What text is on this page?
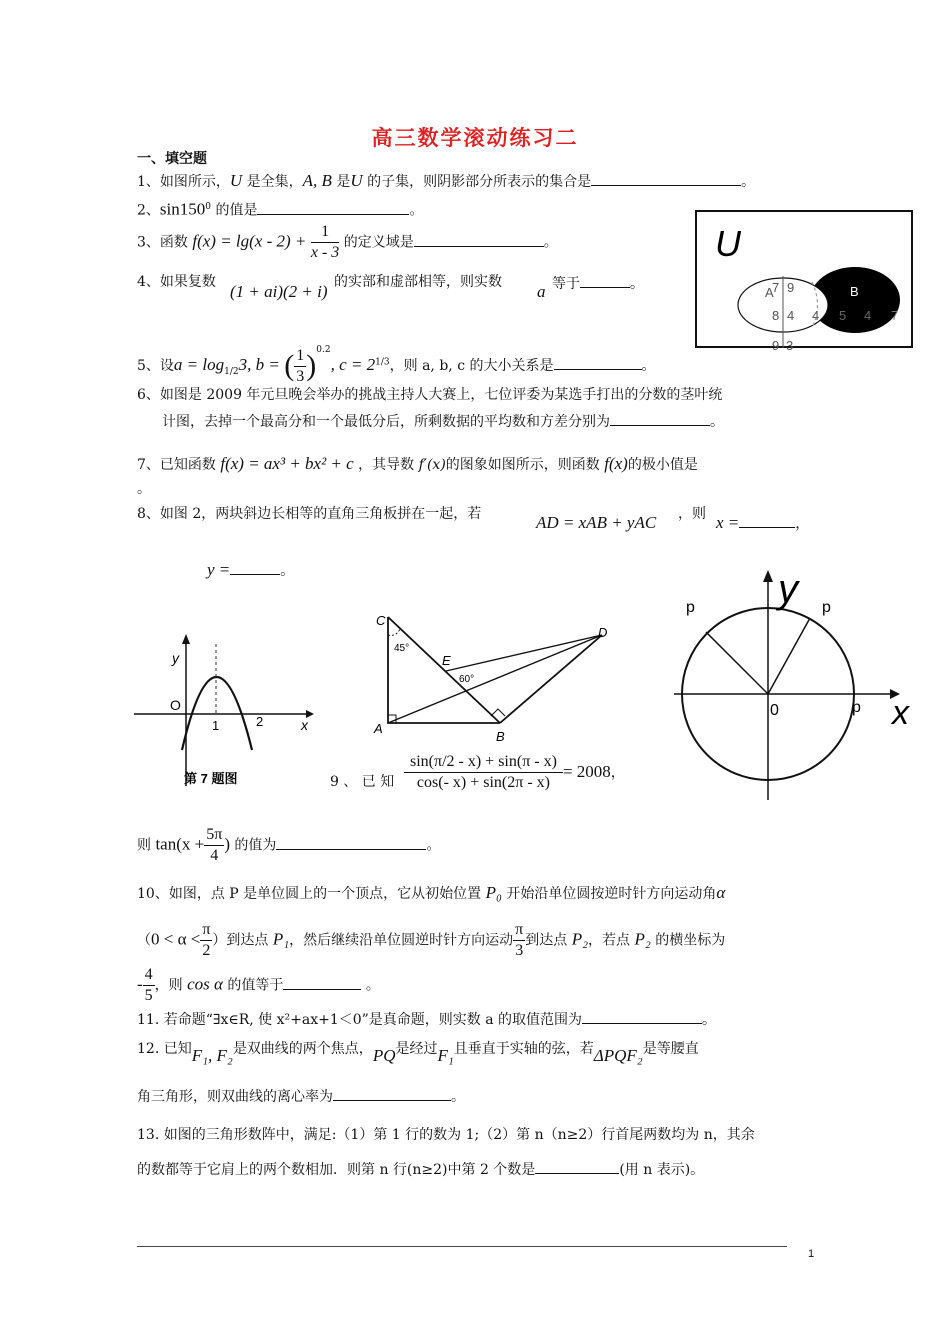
高三数学滚动练习二
一、填空题
1、如图所示，U 是全集，A, B 是U 的子集，则阴影部分所表示的集合是	。
2、$\sin 150^0$ 的值是	。
3、函数 $f(x) = \lg(x - 2) + \frac{1}{x - 3}$ 的定义域是	。
4、如果复数 (1 + ai)(2 + i) 的实部和虚部相等，则实数 a 等于	。
5、设$a = \log_{1/2}3$, b = ( $\frac{1}{3} )^{0.2}$, $c = 2^{1/3}$，则 a, b, c 的大小关系是	。
6、如图是 2009 年元旦晚会举办的挑战主持人大赛上，七位评委为某选手打出的分数的茎叶统
计图，去掉一个最高分和一个最低分后，所剩数据的平均数和方差分别为	。
7、已知函数 f(x) = ax³ + bx² + c ，其导数 f′(x)的图象如图所示，则函数 f(x)的极小值是
。
8、如图 2，两块斜边长相等的直角三角板拼在一起，若	AD = xAB + yAC ，则 x =	，
y =	。
9 、 已 知 $\frac{\sin(\pi/2 - x) + \sin(\pi - x)}{\cos(- x) + \sin(2\pi - x)} = 2008$，
则 $\tan(x + \frac{5\pi}{4}$ ) 的值为	。
10、如图，点 P 是单位圆上的一个顶点，它从初始位置 P₀ 开始沿单位圆按逆时针方向运动角α
（$0 < \alpha < \frac{\pi}{2}$ ）到达点 P₁，然后继续沿单位圆逆时针方向运动 $\frac{\pi}{3}$ 到达点 P₂，若点 P₂ 的横坐标为
- $\frac{4}{5}$ ，则 cos α 的值等于	。
11. 若命题“∃x∈R, 使 x²+ax+1＜0”是真命题，则实数 a 的取值范围为	。
12. 已知F₁, F₂是双曲线的两个焦点，PQ是经过F₁且垂直于实轴的弦，若ΔPQF₂是等腰直
角三角形，则双曲线的离心率为	。
13. 如图的三角形数阵中，满足:（1）第 1 行的数为 1;（2）第 n（n≥2）行首尾两数均为 n，其余
的数都等于它肩上的两个数相加．则第 n 行(n≥2)中第 2 个数是	(用 n 表示)。
U
A
7 9	B
8 4 4 5 4 7
9 3
y
O
1	2	x
第 7 题图
C
45°
E
60°
D
A
B
y
x
p	p
p
0
1
